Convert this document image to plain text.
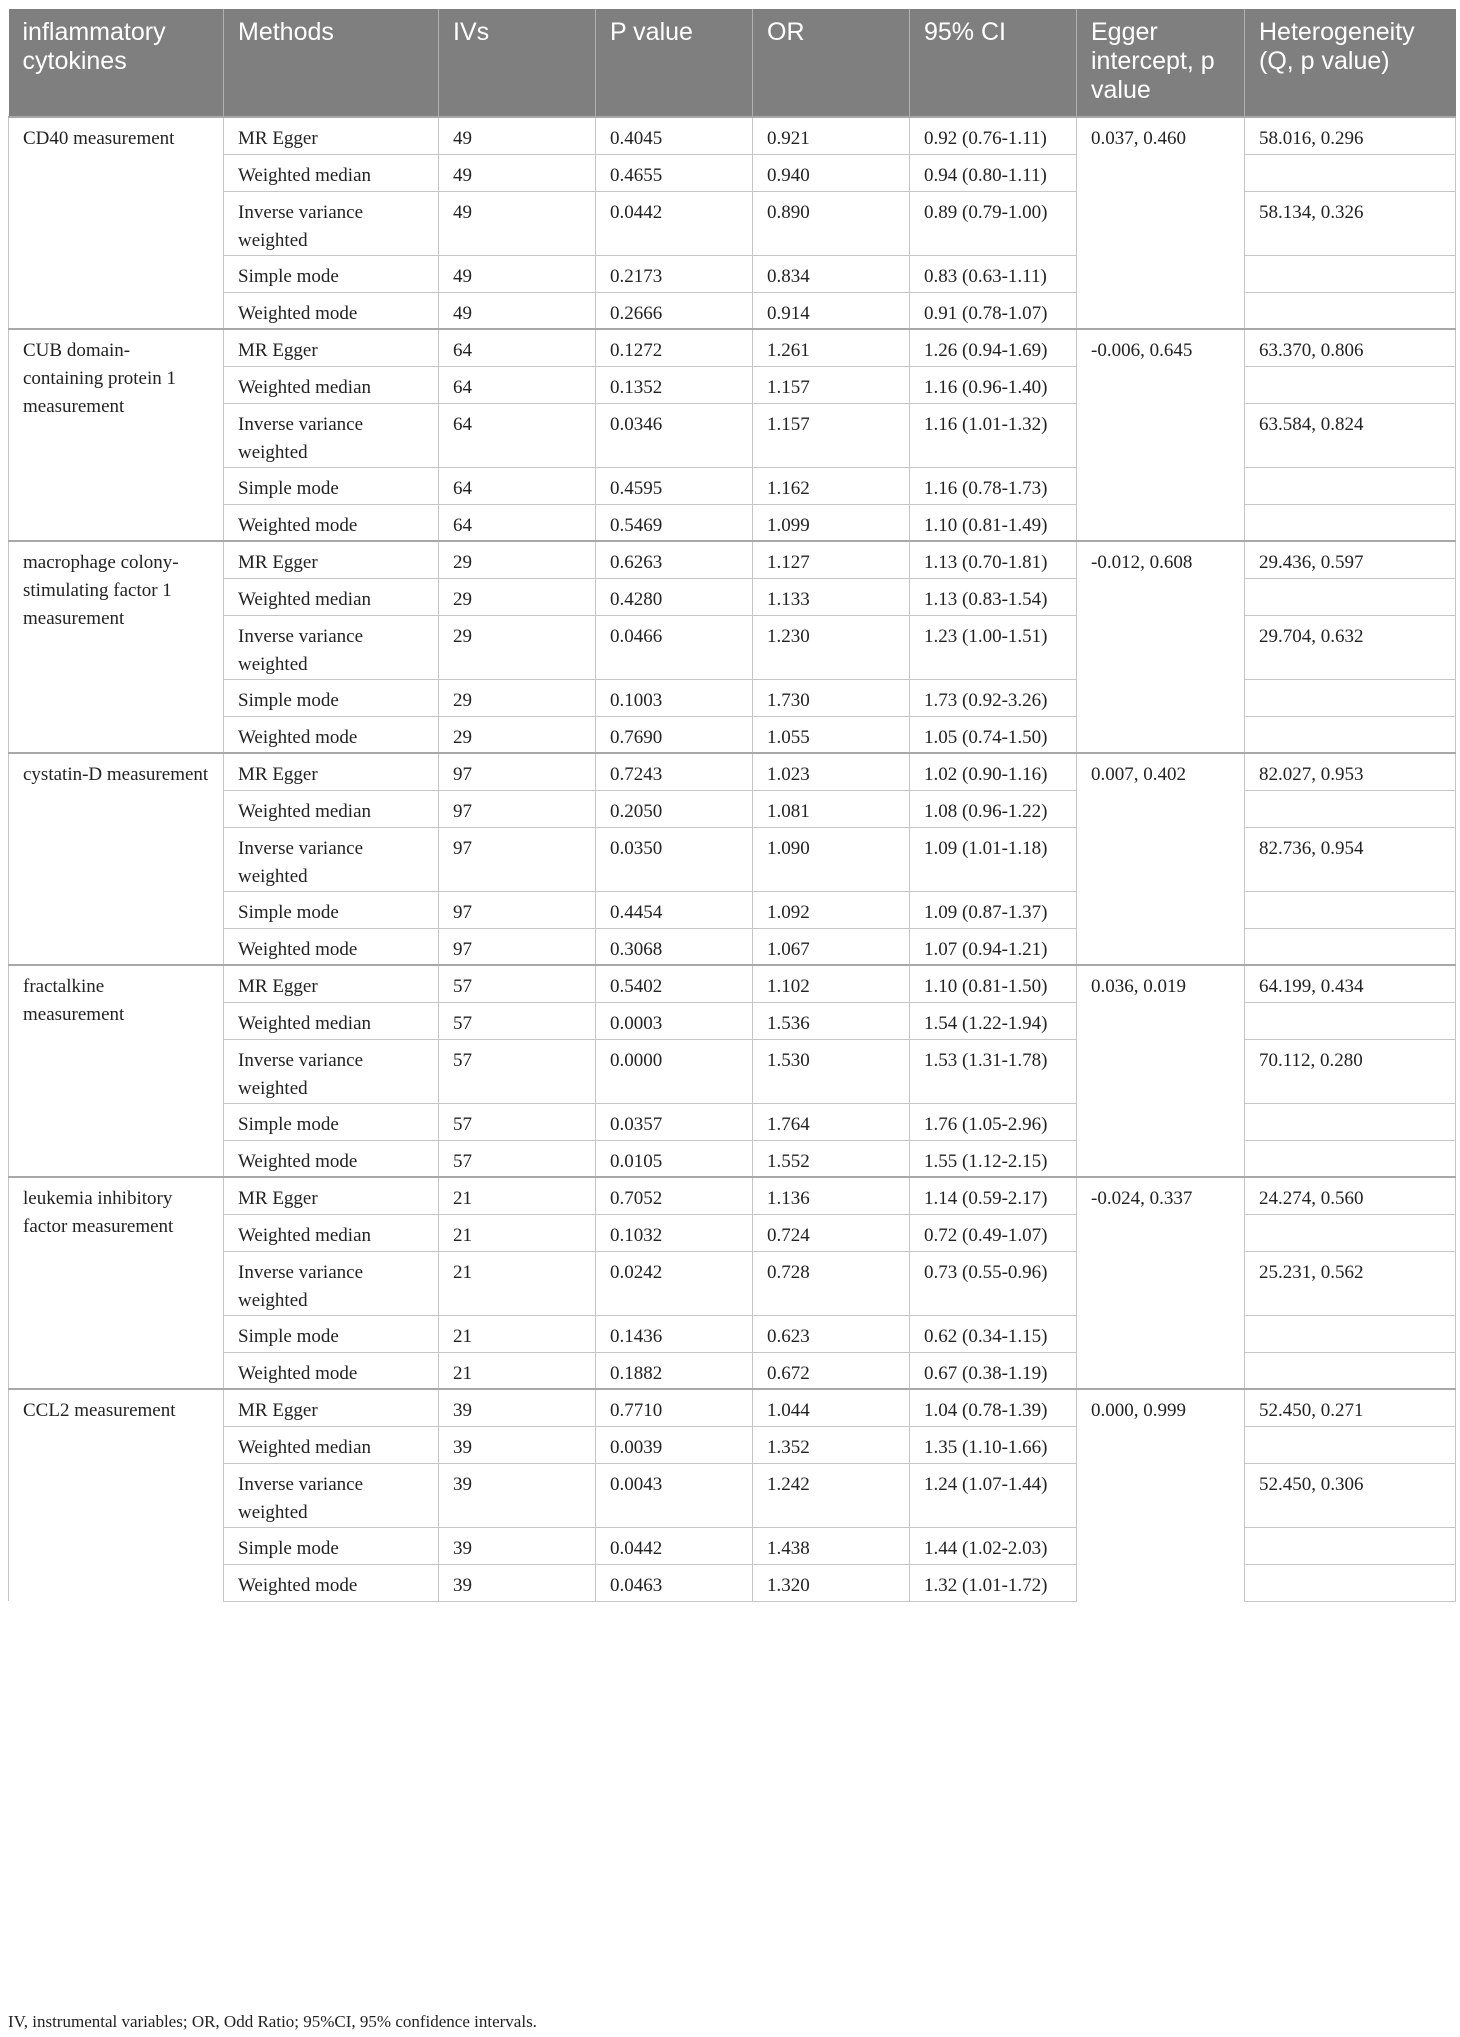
inflammatory cytokines	Methods	IVs	P value	OR	95% CI	Egger intercept, p value	Heterogeneity (Q, p value)
CD40 measurement	MR Egger	49	0.4045	0.921	0.92 (0.76-1.11)	0.037, 0.460	58.016, 0.296
	Weighted median	49	0.4655	0.940	0.94 (0.80-1.11)		
	Inverse variance weighted	49	0.0442	0.890	0.89 (0.79-1.00)		58.134, 0.326
	Simple mode	49	0.2173	0.834	0.83 (0.63-1.11)		
	Weighted mode	49	0.2666	0.914	0.91 (0.78-1.07)		
CUB domain-containing protein 1 measurement	MR Egger	64	0.1272	1.261	1.26 (0.94-1.69)	-0.006, 0.645	63.370, 0.806
	Weighted median	64	0.1352	1.157	1.16 (0.96-1.40)		
	Inverse variance weighted	64	0.0346	1.157	1.16 (1.01-1.32)		63.584, 0.824
	Simple mode	64	0.4595	1.162	1.16 (0.78-1.73)		
	Weighted mode	64	0.5469	1.099	1.10 (0.81-1.49)		
macrophage colony-stimulating factor 1 measurement	MR Egger	29	0.6263	1.127	1.13 (0.70-1.81)	-0.012, 0.608	29.436, 0.597
	Weighted median	29	0.4280	1.133	1.13 (0.83-1.54)		
	Inverse variance weighted	29	0.0466	1.230	1.23 (1.00-1.51)		29.704, 0.632
	Simple mode	29	0.1003	1.730	1.73 (0.92-3.26)		
	Weighted mode	29	0.7690	1.055	1.05 (0.74-1.50)		
cystatin-D measurement	MR Egger	97	0.7243	1.023	1.02 (0.90-1.16)	0.007, 0.402	82.027, 0.953
	Weighted median	97	0.2050	1.081	1.08 (0.96-1.22)		
	Inverse variance weighted	97	0.0350	1.090	1.09 (1.01-1.18)		82.736, 0.954
	Simple mode	97	0.4454	1.092	1.09 (0.87-1.37)		
	Weighted mode	97	0.3068	1.067	1.07 (0.94-1.21)		
fractalkine measurement	MR Egger	57	0.5402	1.102	1.10 (0.81-1.50)	0.036, 0.019	64.199, 0.434
	Weighted median	57	0.0003	1.536	1.54 (1.22-1.94)		
	Inverse variance weighted	57	0.0000	1.530	1.53 (1.31-1.78)		70.112, 0.280
	Simple mode	57	0.0357	1.764	1.76 (1.05-2.96)		
	Weighted mode	57	0.0105	1.552	1.55 (1.12-2.15)		
leukemia inhibitory factor measurement	MR Egger	21	0.7052	1.136	1.14 (0.59-2.17)	-0.024, 0.337	24.274, 0.560
	Weighted median	21	0.1032	0.724	0.72 (0.49-1.07)		
	Inverse variance weighted	21	0.0242	0.728	0.73 (0.55-0.96)		25.231, 0.562
	Simple mode	21	0.1436	0.623	0.62 (0.34-1.15)		
	Weighted mode	21	0.1882	0.672	0.67 (0.38-1.19)		
CCL2 measurement	MR Egger	39	0.7710	1.044	1.04 (0.78-1.39)	0.000, 0.999	52.450, 0.271
	Weighted median	39	0.0039	1.352	1.35 (1.10-1.66)		
	Inverse variance weighted	39	0.0043	1.242	1.24 (1.07-1.44)		52.450, 0.306
	Simple mode	39	0.0442	1.438	1.44 (1.02-2.03)		
	Weighted mode	39	0.0463	1.320	1.32 (1.01-1.72)		
IV, instrumental variables; OR, Odd Ratio; 95%CI, 95% confidence intervals.
